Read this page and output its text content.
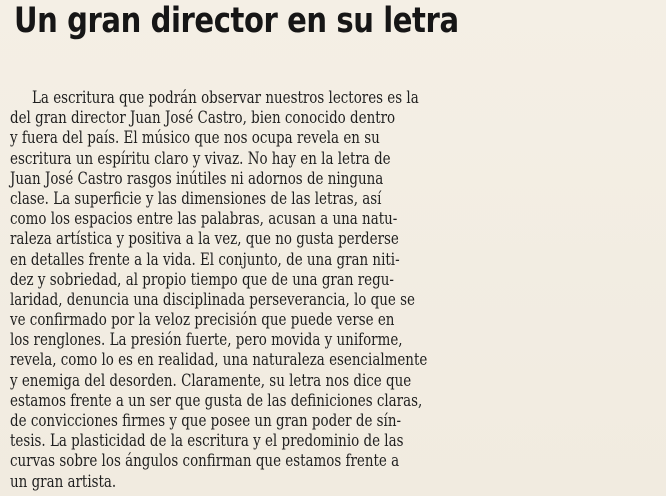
Un gran director en su letra
La escritura que podrán observar nuestros lectores es la
del gran director Juan José Castro, bien conocido dentro
y fuera del país. El músico que nos ocupa revela en su
escritura un espíritu claro y vivaz. No hay en la letra de
Juan José Castro rasgos inútiles ni adornos de ninguna
clase. La superficie y las dimensiones de las letras, así
como los espacios entre las palabras, acusan a una natu-
raleza artística y positiva a la vez, que no gusta perderse
en detalles frente a la vida. El conjunto, de una gran niti-
dez y sobriedad, al propio tiempo que de una gran regu-
laridad, denuncia una disciplinada perseverancia, lo que se
ve confirmado por la veloz precisión que puede verse en
los renglones. La presión fuerte, pero movida y uniforme,
revela, como lo es en realidad, una naturaleza esencialmente
y enemiga del desorden. Claramente, su letra nos dice que
estamos frente a un ser que gusta de las definiciones claras,
de convicciones firmes y que posee un gran poder de sín-
tesis. La plasticidad de la escritura y el predominio de las
curvas sobre los ángulos confirman que estamos frente a
un gran artista.
